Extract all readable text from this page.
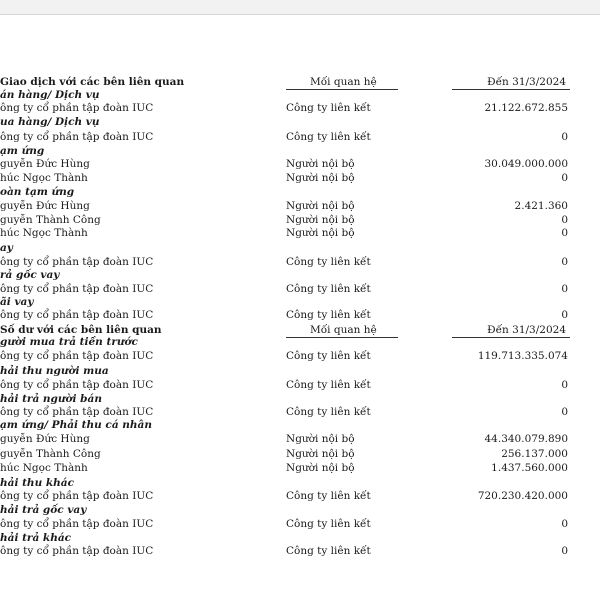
Giao dịch với các bên liên quan	Mối quan hệ	Đến 31/3/2024
án hàng/ Dịch vụ
ông ty cổ phần tập đoàn IUC	Công ty liên kết	21.122.672.855
ua hàng/ Dịch vụ
ông ty cổ phần tập đoàn IUC	Công ty liên kết	0
ạm ứng
guyễn Đức Hùng	Người nội bộ	30.049.000.000
húc Ngọc Thành	Người nội bộ	0
oàn tạm ứng
guyễn Đức Hùng	Người nội bộ	2.421.360
guyễn Thành Công	Người nội bộ	0
húc Ngọc Thành	Người nội bộ	0
ay
ông ty cổ phần tập đoàn IUC	Công ty liên kết	0
rả gốc vay
ông ty cổ phần tập đoàn IUC	Công ty liên kết	0
ãi vay
ông ty cổ phần tập đoàn IUC	Công ty liên kết	0
Số dư với các bên liên quan	Mối quan hệ	Đến 31/3/2024
gười mua trả tiền trước
ông ty cổ phần tập đoàn IUC	Công ty liên kết	119.713.335.074
hải thu người mua
ông ty cổ phần tập đoàn IUC	Công ty liên kết	0
hải trả người bán
ông ty cổ phần tập đoàn IUC	Công ty liên kết	0
ạm ứng/ Phải thu cá nhân
guyễn Đức Hùng	Người nội bộ	44.340.079.890
guyễn Thành Công	Người nội bộ	256.137.000
húc Ngọc Thành	Người nội bộ	1.437.560.000
hải thu khác
ông ty cổ phần tập đoàn IUC	Công ty liên kết	720.230.420.000
hải trả gốc vay
ông ty cổ phần tập đoàn IUC	Công ty liên kết	0
hải trả khác
ông ty cổ phần tập đoàn IUC	Công ty liên kết	0
